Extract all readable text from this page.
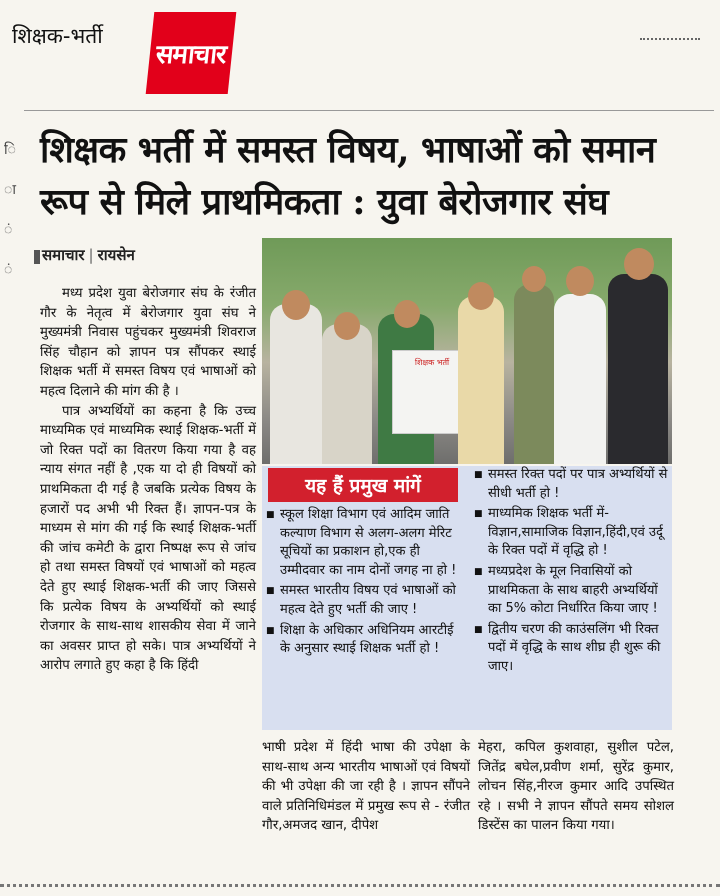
शिक्षक-भर्ती
समाचार
ि
ा
ं
ं
शिक्षक भर्ती में समस्त विषय, भाषाओं को समान रूप से मिले प्राथमिकता : युवा बेरोजगार संघ
समाचार | रायसेन

मध्य प्रदेश युवा बेरोजगार संघ के रंजीत गौर के नेतृत्व में बेरोजगार युवा संघ ने मुख्यमंत्री निवास पहुंचकर मुख्यमंत्री शिवराज सिंह चौहान को ज्ञापन पत्र सौंपकर स्थाई शिक्षक भर्ती में समस्त विषय एवं भाषाओं को महत्व दिलाने की मांग की है ।

पात्र अभ्यर्थियों का कहना है कि उच्च माध्यमिक एवं माध्यमिक स्थाई शिक्षक-भर्ती में जो रिक्त पदों का वितरण किया गया है वह न्याय संगत नहीं है ,एक या दो ही विषयों को प्राथमिकता दी गई है जबकि प्रत्येक विषय के हजारों पद अभी भी रिक्त हैं। ज्ञापन-पत्र के माध्यम से मांग की गई कि स्थाई शिक्षक-भर्ती की जांच कमेटी के द्वारा निष्पक्ष रूप से जांच हो तथा समस्त विषयों एवं भाषाओं को महत्व देते हुए स्थाई शिक्षक-भर्ती की जाए जिससे कि प्रत्येक विषय के अभ्यर्थियों को स्थाई रोजगार के साथ-साथ शासकीय सेवा में जाने का अवसर प्राप्त हो सके। पात्र अभ्यर्थियों ने आरोप लगाते हुए कहा है कि हिंदी

शिक्षक भर्ती
यह हैं प्रमुख मांगें
■ स्कूल शिक्षा विभाग एवं आदिम जाति कल्याण विभाग से अलग-अलग मेरिट सूचियों का प्रकाशन हो,एक ही उम्मीदवार का नाम दोनों जगह ना हो !
■ समस्त भारतीय विषय एवं भाषाओं को महत्व देते हुए भर्ती की जाए !
■ शिक्षा के अधिकार अधिनियम आरटीई के अनुसार स्थाई शिक्षक भर्ती हो !
■ समस्त रिक्त पदों पर पात्र अभ्यर्थियों से सीधी भर्ती हो !
■ माध्यमिक शिक्षक भर्ती में- विज्ञान,सामाजिक विज्ञान,हिंदी,एवं उर्दू के रिक्त पदों में वृद्धि हो !
■ मध्यप्रदेश के मूल निवासियों को प्राथमिकता के साथ बाहरी अभ्यर्थियों का 5% कोटा निर्धारित किया जाए !
■ द्वितीय चरण की काउंसलिंग भी रिक्त पदों में वृद्धि के साथ शीघ्र ही शुरू की जाए।
भाषी प्रदेश में हिंदी भाषा की उपेक्षा के साथ-साथ अन्य भारतीय भाषाओं एवं विषयों की भी उपेक्षा की जा रही है । ज्ञापन सौंपने वाले प्रतिनिधिमंडल में प्रमुख रूप से - रंजीत गौर,अमजद खान, दीपेश
मेहरा, कपिल कुशवाहा, सुशील पटेल, जितेंद्र बघेल,प्रवीण शर्मा, सुरेंद्र कुमार, लोचन सिंह,नीरज कुमार आदि उपस्थित रहे । सभी ने ज्ञापन सौंपते समय सोशल डिस्टेंस का पालन किया गया।
